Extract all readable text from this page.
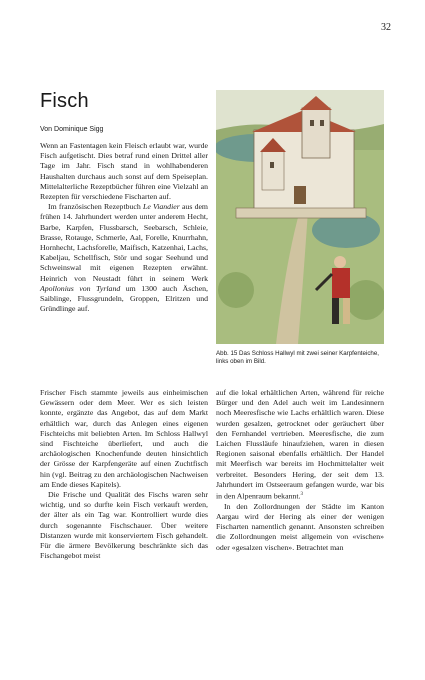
32
Fisch
Von Dominique Sigg

Wenn an Fastentagen kein Fleisch erlaubt war, wurde Fisch aufgetischt. Dies betraf rund einen Drittel aller Tage im Jahr. Fisch stand in wohlhabenderen Haushalten durchaus auch sonst auf dem Speiseplan. Mittelalterliche Rezeptbücher führen eine Vielzahl an Rezepten für verschiedene Fischarten auf.

Im französischen Rezeptbuch Le Viandier aus dem frühen 14. Jahrhundert werden unter anderem Hecht, Barbe, Karpfen, Flussbarsch, Seebarsch, Schleie, Brasse, Rotauge, Schmerle, Aal, Forelle, Knurrhahn, Hornhecht, Lachsforelle, Maifisch, Katzenhai, Lachs, Kabeljau, Schellfisch, Stör und sogar Seehund und Schweinswal mit eigenen Rezepten erwähnt. Heinrich von Neustadt führt in seinem Werk Apollonius von Tyrland um 1300 auch Äschen, Saiblinge, Flussgrundeln, Groppen, Elritzen und Gründlinge auf.

Abb. 15 Das Schloss Hallwyl mit zwei seiner Karpfenteiche, links oben im Bild.

Frischer Fisch stammte jeweils aus einheimischen Gewässern oder dem Meer. Wer es sich leisten konnte, ergänzte das Angebot, das auf dem Markt erhältlich war, durch das Anlegen eines eigenen Fischteichs mit beliebten Arten. Im Schloss Hallwyl sind Fischteiche überliefert, und auch die archäologischen Knochenfunde deuten hinsichtlich der Grösse der Karpfengeräte auf einen Zuchtfisch hin (vgl. Beitrag zu den archäologischen Nachweisen am Ende dieses Kapitels).

Die Frische und Qualität des Fischs waren sehr wichtig, und so durfte kein Fisch verkauft werden, der älter als ein Tag war. Kontrolliert wurde dies durch sogenannte Fischschauer. Über weitere Distanzen wurde mit konserviertem Fisch gehandelt. Für die ärmere Bevölkerung beschränkte sich das Fischangebot meist

auf die lokal erhältlichen Arten, während für reiche Bürger und den Adel auch weit im Landesinnern noch Meeresfische wie Lachs erhältlich waren. Diese wurden gesalzen, getrocknet oder geräuchert über den Fernhandel vertrieben. Meeresfische, die zum Laichen Flussläufe hinaufziehen, waren in diesen Regionen saisonal ebenfalls erhältlich. Der Handel mit Meerfisch war bereits im Hochmittelalter weit verbreitet. Besonders Hering, der seit dem 13. Jahrhundert im Ostseeraum gefangen wurde, war bis in den Alpenraum bekannt.$^3$

In den Zollordnungen der Städte im Kanton Aargau wird der Hering als einer der wenigen Fischarten namentlich genannt. Ansonsten schreiben die Zollordnungen meist allgemein von «vischen» oder «gesalzen vischen». Betrachtet man
